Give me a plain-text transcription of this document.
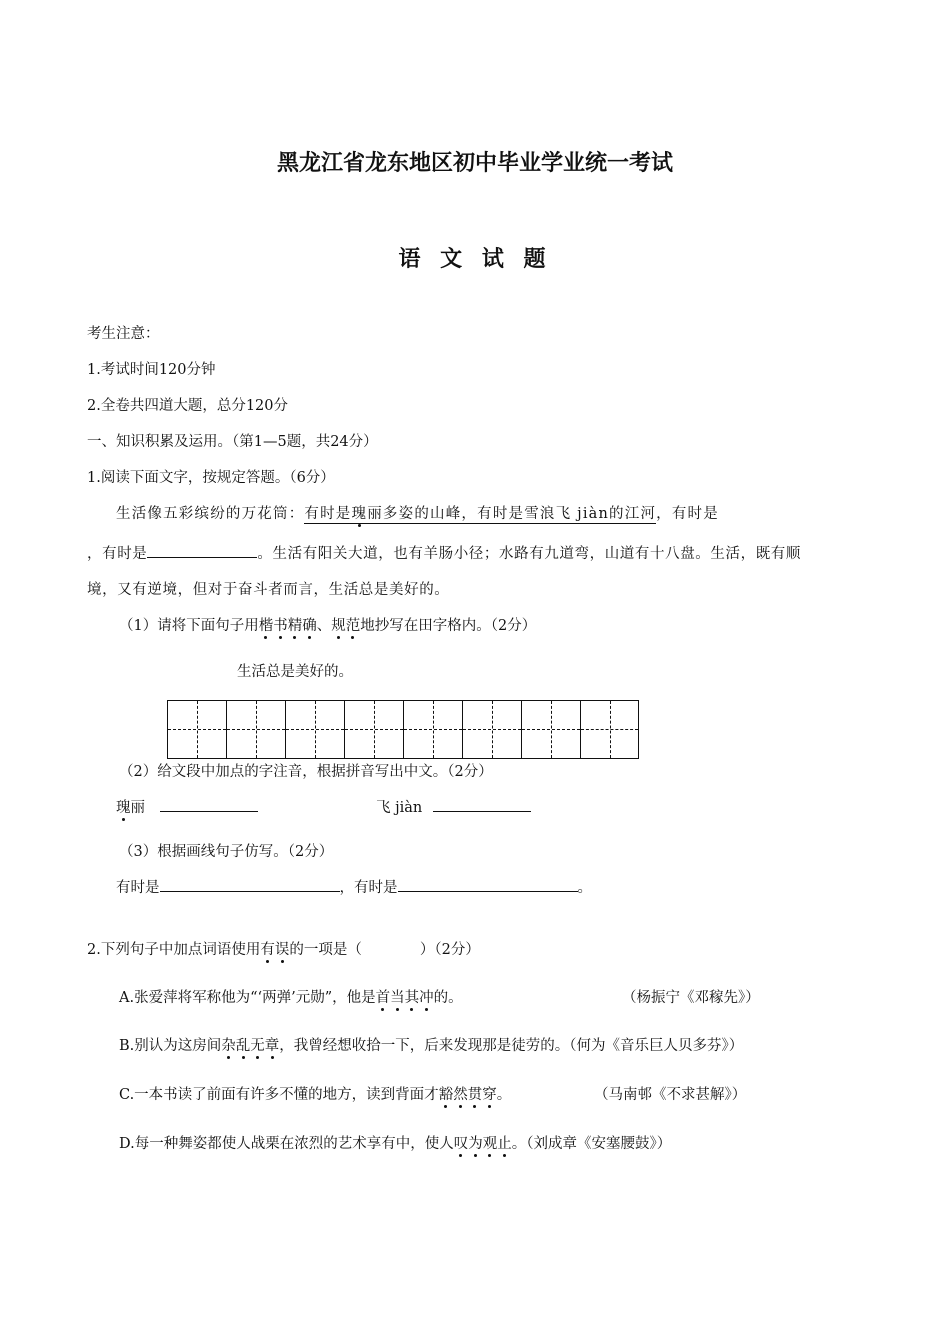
黑龙江省龙东地区初中毕业学业统一考试
语 文 试 题
考生注意：
1.考试时间120分钟
2.全卷共四道大题，总分120分
一、知识积累及运用。（第1—5题，共24分）
1.阅读下面文字，按规定答题。（6分）
生活像五彩缤纷的万花筒：有时是瑰丽多姿的山峰，有时是雪浪飞 jiàn的江河，有时是
，有时是	。生活有阳关大道，也有羊肠小径；水路有九道弯，山道有十八盘。生活，既有顺
境，又有逆境，但对于奋斗者而言，生活总是美好的。
（1）请将下面句子用楷书精确、规范地抄写在田字格内。（2分）
生活总是美好的。
（2）给文段中加点的字注音，根据拼音写出中文。（2分）
瑰丽	飞 jiàn
（3）根据画线句子仿写。（2分）
有时是	，有时是	。
2.下列句子中加点词语使用有误的一项是（	）（2分）
A.张爱萍将军称他为“‘两弹’元勋”，他是首当其冲的。	（杨振宁《邓稼先》）
B.别认为这房间杂乱无章，我曾经想收拾一下，后来发现那是徒劳的。（何为《音乐巨人贝多芬》）
C.一本书读了前面有许多不懂的地方，读到背面才豁然贯穿。	（马南邨《不求甚解》）
D.每一种舞姿都使人战栗在浓烈的艺术享有中，使人叹为观止。（刘成章《安塞腰鼓》）
